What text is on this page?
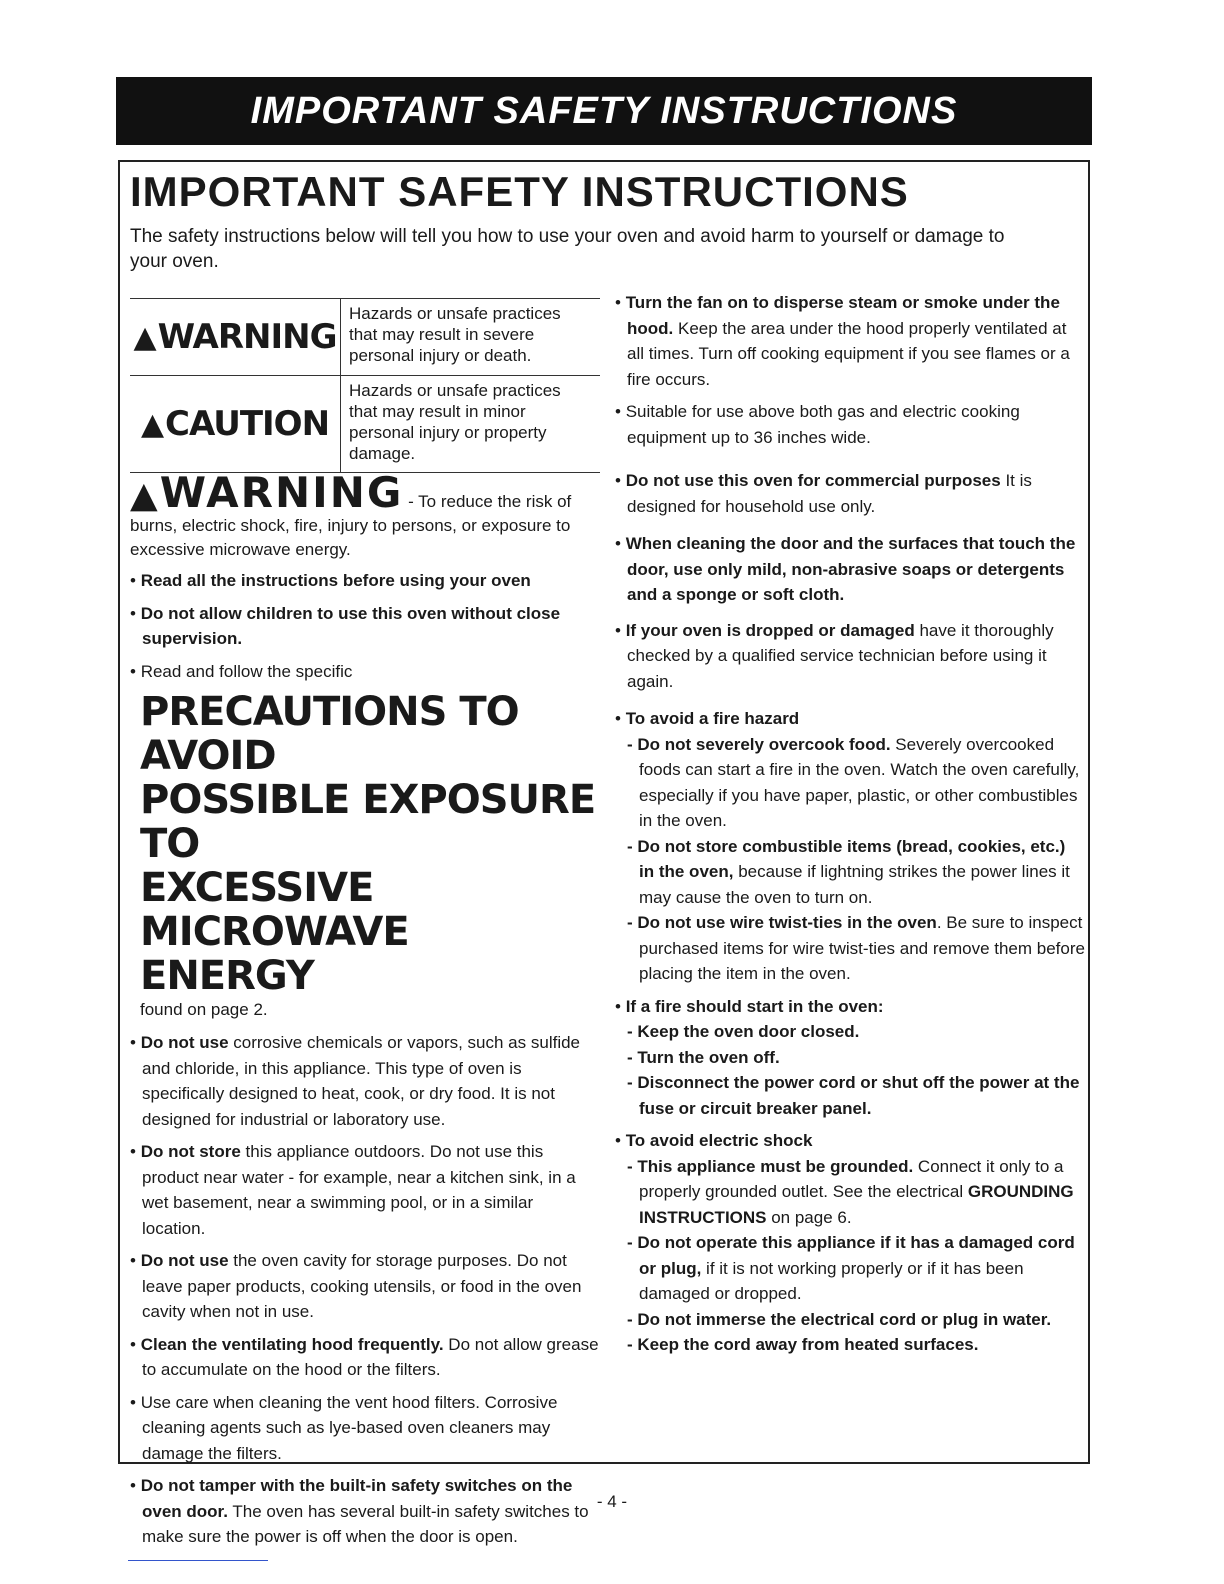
IMPORTANT SAFETY INSTRUCTIONS
IMPORTANT SAFETY INSTRUCTIONS
The safety instructions below will tell you how to use your oven and avoid harm to yourself or damage to your oven.
▲ WARNING
Hazards or unsafe practices that may result in severe personal injury or death.
▲ CAUTION
Hazards or unsafe practices that may result in minor personal injury or property damage.
▲WARNING - To reduce the risk of burns, electric shock, fire, injury to persons, or exposure to excessive microwave energy.

• Read all the instructions before using your oven

• Do not allow children to use this oven without close supervision.

• Read and follow the specific

PRECAUTIONS TO AVOID
POSSIBLE EXPOSURE TO
EXCESSIVE MICROWAVE
ENERGY

found on page 2.

• Do not use corrosive chemicals or vapors, such as sulfide and chloride, in this appliance. This type of oven is specifically designed to heat, cook, or dry food. It is not designed for industrial or laboratory use.

• Do not store this appliance outdoors. Do not use this product near water - for example, near a kitchen sink, in a wet basement, near a swimming pool, or in a similar location.

• Do not use the oven cavity for storage purposes. Do not leave paper products, cooking utensils, or food in the oven cavity when not in use.

• Clean the ventilating hood frequently. Do not allow grease to accumulate on the hood or the filters.

• Use care when cleaning the vent hood filters. Corrosive cleaning agents such as lye-based oven cleaners may damage the filters.

• Do not tamper with the built-in safety switches on the oven door. The oven has several built-in safety switches to make sure the power is off when the door is open.

• Turn the fan on to disperse steam or smoke under the hood. Keep the area under the hood properly ventilated at all times. Turn off cooking equipment if you see flames or a fire occurs.

• Suitable for use above both gas and electric cooking equipment up to 36 inches wide.

• Do not use this oven for commercial purposes It is designed for household use only.

• When cleaning the door and the surfaces that touch the door, use only mild, non-abrasive soaps or detergents and a sponge or soft cloth.

• If your oven is dropped or damaged have it thoroughly checked by a qualified service technician before using it again.

• To avoid a fire hazard

- Do not severely overcook food. Severely overcooked foods can start a fire in the oven. Watch the oven carefully, especially if you have paper, plastic, or other combustibles in the oven.

- Do not store combustible items (bread, cookies, etc.) in the oven, because if lightning strikes the power lines it may cause the oven to turn on.

- Do not use wire twist-ties in the oven. Be sure to inspect purchased items for wire twist-ties and remove them before placing the item in the oven.

• If a fire should start in the oven:

- Keep the oven door closed.

- Turn the oven off.

- Disconnect the power cord or shut off the power at the fuse or circuit breaker panel.

• To avoid electric shock

- This appliance must be grounded. Connect it only to a properly grounded outlet. See the electrical GROUNDING INSTRUCTIONS on page 6.

- Do not operate this appliance if it has a damaged cord or plug, if it is not working properly or if it has been damaged or dropped.

- Do not immerse the electrical cord or plug in water.

- Keep the cord away from heated surfaces.

- 4 -
